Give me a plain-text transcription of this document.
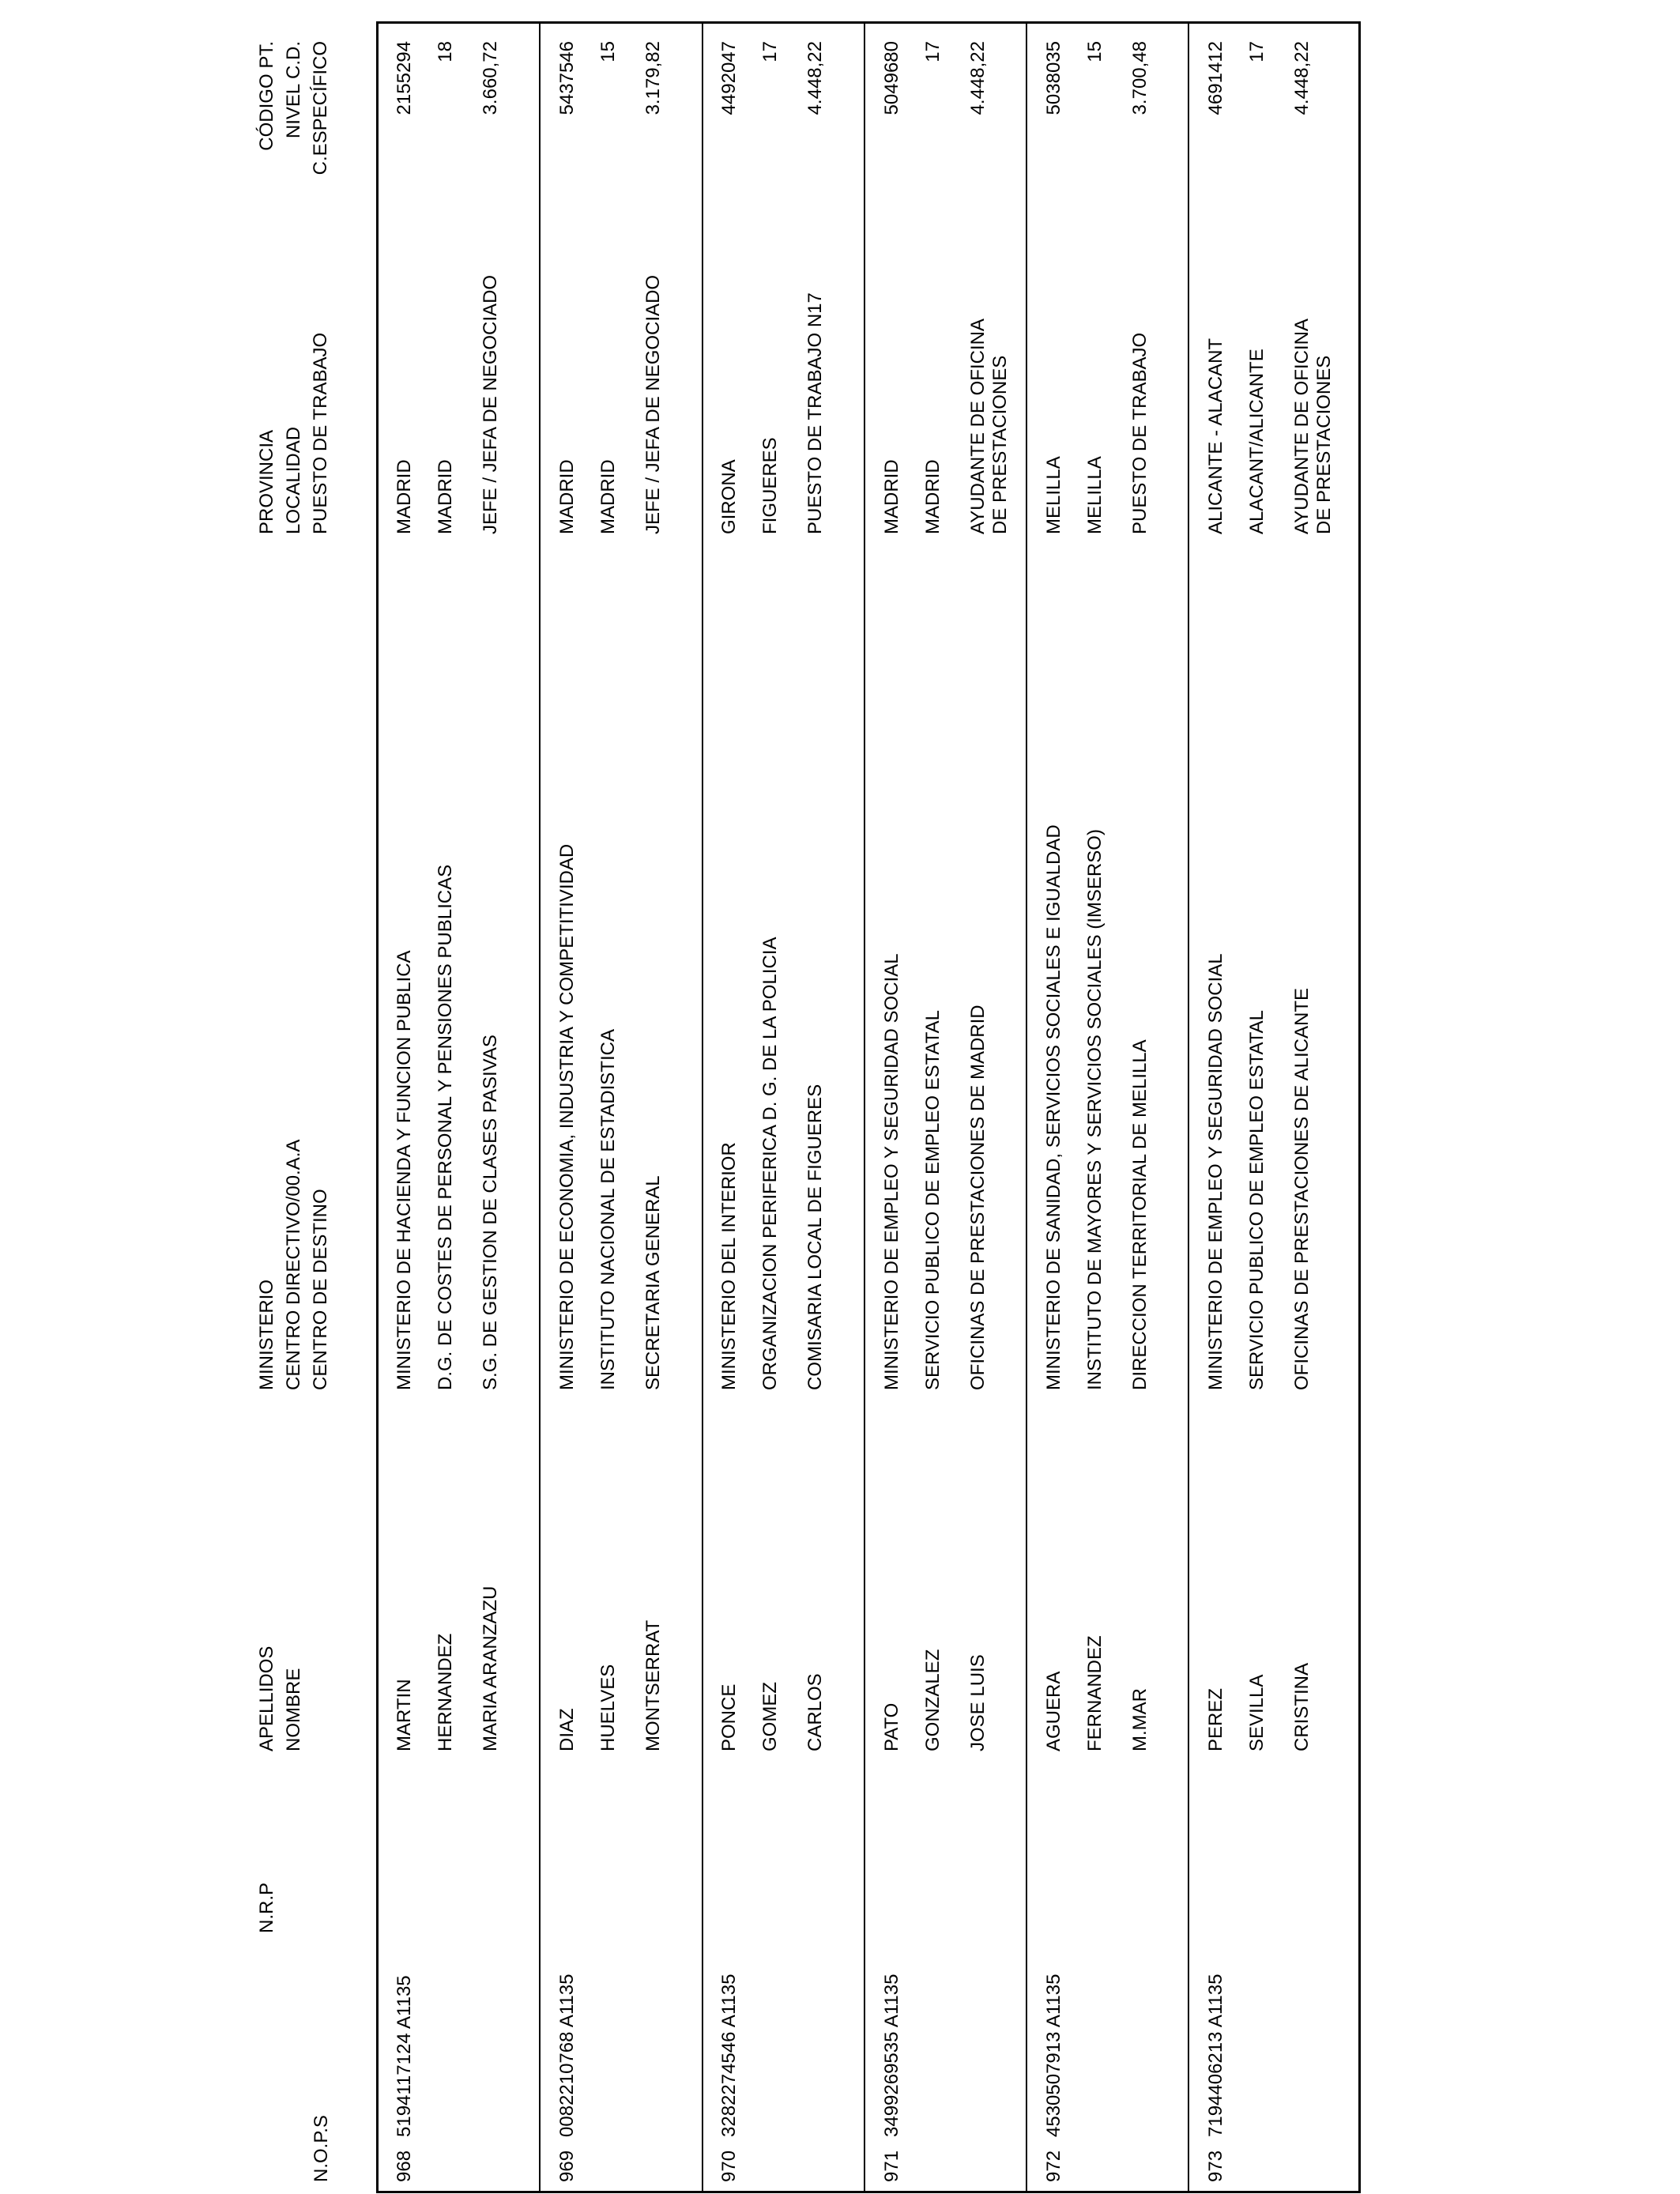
N.O.P.S
N.R.P
APELLIDOS NOMBRE
MINISTERIO CENTRO DIRECTIVO/00.A.A CENTRO DE DESTINO
PROVINCIA LOCALIDAD PUESTO DE TRABAJO
CÓDIGO PT. NIVEL C.D. C.ESPECÍFICO
968
5194117124 A1135
MARTIN HERNANDEZ MARIA ARANZAZU
MINISTERIO DE HACIENDA Y FUNCION PUBLICA D.G. DE COSTES DE PERSONAL Y PENSIONES PUBLICAS S.G. DE GESTION DE CLASES PASIVAS
MADRID MADRID JEFE / JEFA DE NEGOCIADO
2155294 18 3.660,72
969
0082210768 A1135
DIAZ HUELVES MONTSERRAT
MINISTERIO DE ECONOMIA, INDUSTRIA Y COMPETITIVIDAD INSTITUTO NACIONAL DE ESTADISTICA SECRETARIA GENERAL
MADRID MADRID JEFE / JEFA DE NEGOCIADO
5437546 15 3.179,82
970
3282274546 A1135
PONCE GOMEZ CARLOS
MINISTERIO DEL INTERIOR ORGANIZACION PERIFERICA D. G. DE LA POLICIA COMISARIA LOCAL DE FIGUERES
GIRONA FIGUERES PUESTO DE TRABAJO N17
4492047 17 4.448,22
971
3499269535 A1135
PATO GONZALEZ JOSE LUIS
MINISTERIO DE EMPLEO Y SEGURIDAD SOCIAL SERVICIO PUBLICO DE EMPLEO ESTATAL OFICINAS DE PRESTACIONES DE MADRID
MADRID MADRID AYUDANTE DE OFICINA DE PRESTACIONES
5049680 17 4.448,22
972
4530507913 A1135
AGUERA FERNANDEZ M.MAR
MINISTERIO DE SANIDAD, SERVICIOS SOCIALES E IGUALDAD INSTITUTO DE MAYORES Y SERVICIOS SOCIALES (IMSERSO) DIRECCION TERRITORIAL DE MELILLA
MELILLA MELILLA PUESTO DE TRABAJO
5038035 15 3.700,48
973
7194406213 A1135
PEREZ SEVILLA CRISTINA
MINISTERIO DE EMPLEO Y SEGURIDAD SOCIAL SERVICIO PUBLICO DE EMPLEO ESTATAL OFICINAS DE PRESTACIONES DE ALICANTE
ALICANTE - ALACANT ALACANT/ALICANTE AYUDANTE DE OFICINA DE PRESTACIONES
4691412 17 4.448,22
